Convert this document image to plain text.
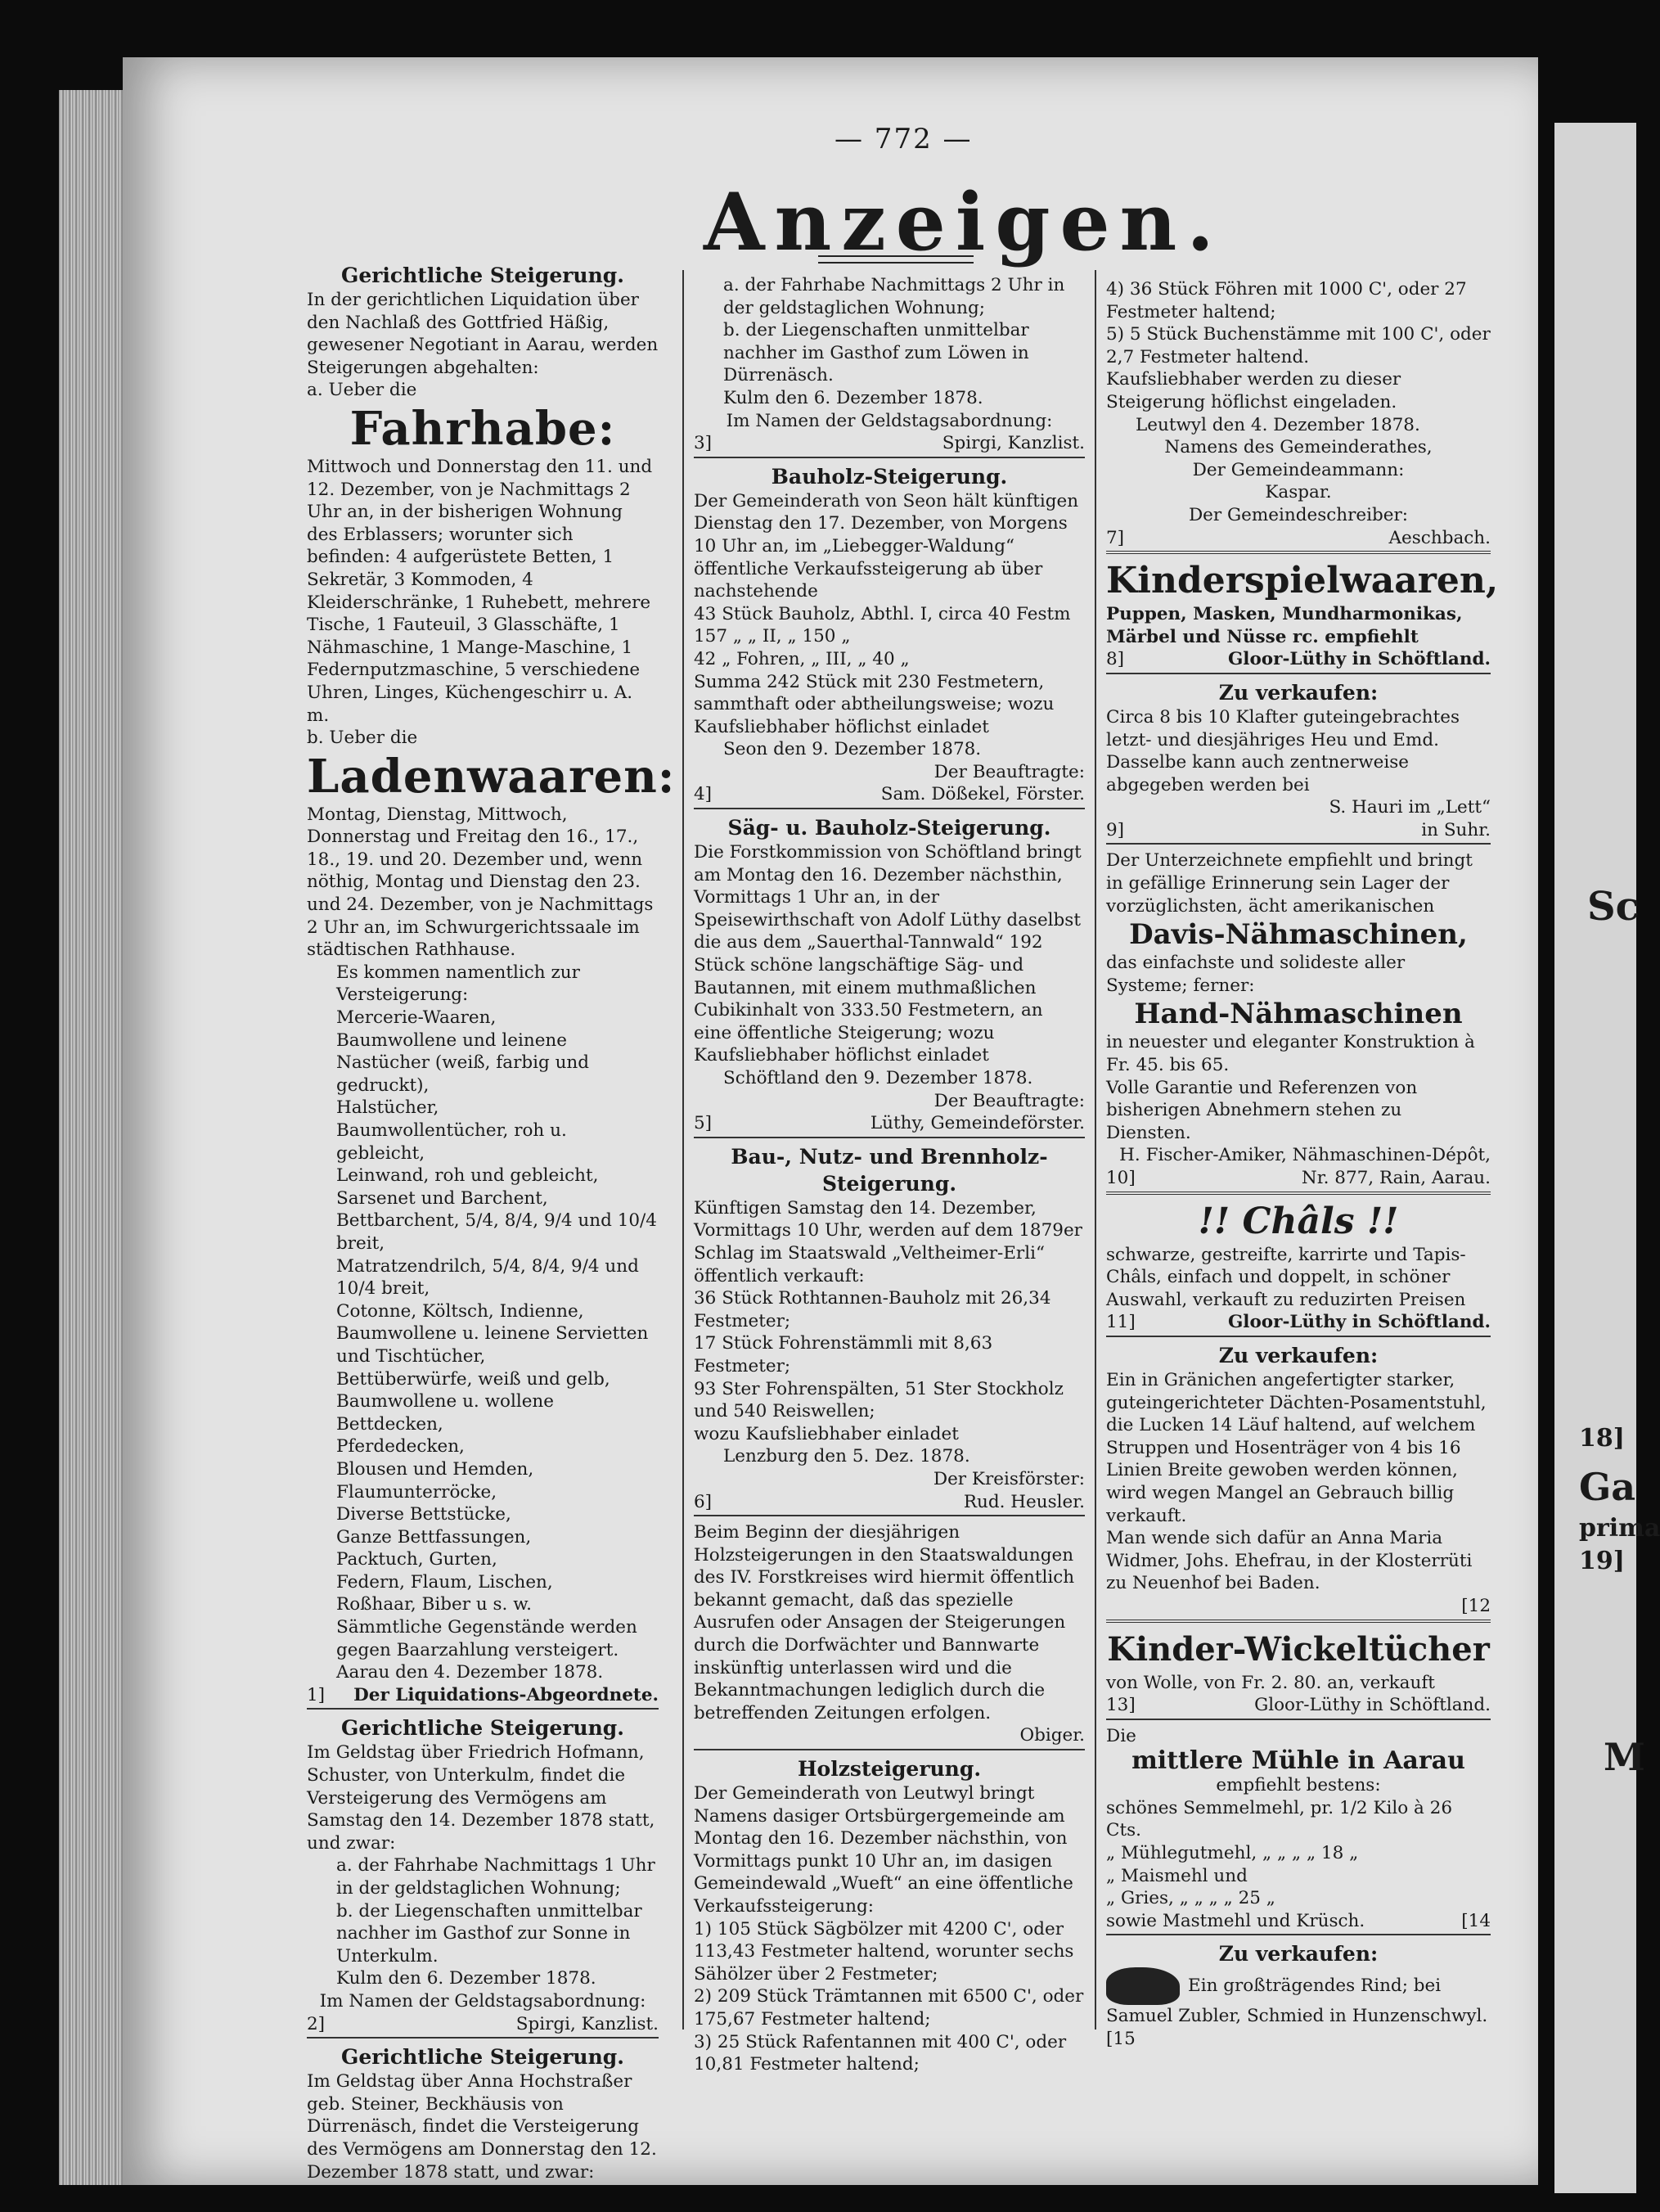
— 772 —
Anzeigen.

Gerichtliche Steigerung.

In der gerichtlichen Liquidation über den Nachlaß des Gottfried Häßig, gewesener Negotiant in Aarau, werden Steigerungen abgehalten:

a. Ueber die

Fahrhabe:

Mittwoch und Donnerstag den 11. und 12. Dezember, von je Nachmittags 2 Uhr an, in der bisherigen Wohnung des Erblassers; worunter sich befinden: 4 aufgerüstete Betten, 1 Sekretär, 3 Kommoden, 4 Kleiderschränke, 1 Ruhebett, mehrere Tische, 1 Fauteuil, 3 Glasschäfte, 1 Nähmaschine, 1 Mange-Maschine, 1 Federnputzmaschine, 5 verschiedene Uhren, Linges, Küchengeschirr u. A. m.

b. Ueber die

Ladenwaaren:

Montag, Dienstag, Mittwoch, Donnerstag und Freitag den 16., 17., 18., 19. und 20. Dezember und, wenn nöthig, Montag und Dienstag den 23. und 24. Dezember, von je Nachmittags 2 Uhr an, im Schwurgerichtssaale im städtischen Rathhause.

Es kommen namentlich zur Versteigerung:

Mercerie-Waaren,

Baumwollene und leinene Nastücher (weiß, farbig und gedruckt),

Halstücher,

Baumwollentücher, roh u. gebleicht,

Leinwand, roh und gebleicht,

Sarsenet und Barchent,

Bettbarchent, 5/4, 8/4, 9/4 und 10/4 breit,

Matratzendrilch, 5/4, 8/4, 9/4 und 10/4 breit,

Cotonne, Költsch, Indienne,

Baumwollene u. leinene Servietten und Tischtücher,

Bettüberwürfe, weiß und gelb,

Baumwollene u. wollene Bettdecken,

Pferdedecken,

Blousen und Hemden,

Flaumunterröcke,

Diverse Bettstücke,

Ganze Bettfassungen,

Packtuch, Gurten,

Federn, Flaum, Lischen,

Roßhaar, Biber u s. w.

Sämmtliche Gegenstände werden gegen Baarzahlung versteigert.

Aarau den 4. Dezember 1878.

1] Der Liquidations-Abgeordnete.

Gerichtliche Steigerung.

Im Geldstag über Friedrich Hofmann, Schuster, von Unterkulm, findet die Versteigerung des Vermögens am Samstag den 14. Dezember 1878 statt, und zwar:

a. der Fahrhabe Nachmittags 1 Uhr in der geldstaglichen Wohnung;

b. der Liegenschaften unmittelbar nachher im Gasthof zur Sonne in Unterkulm.

Kulm den 6. Dezember 1878.

Im Namen der Geldstagsabordnung:

2]	Spirgi, Kanzlist.

Gerichtliche Steigerung.

Im Geldstag über Anna Hochstraßer geb. Steiner, Beckhäusis von Dürrenäsch, findet die Versteigerung des Vermögens am Donnerstag den 12. Dezember 1878 statt, und zwar:

a. der Fahrhabe Nachmittags 2 Uhr in der geldstaglichen Wohnung;

b. der Liegenschaften unmittelbar nachher im Gasthof zum Löwen in Dürrenäsch.

Kulm den 6. Dezember 1878.

Im Namen der Geldstagsabordnung:

3]	Spirgi, Kanzlist.

Bauholz-Steigerung.

Der Gemeinderath von Seon hält künftigen Dienstag den 17. Dezember, von Morgens 10 Uhr an, im „Liebegger-Waldung“ öffentliche Verkaufssteigerung ab über nachstehende

43 Stück Bauholz, Abthl. I, circa 40 Festm

157 „ „ II, „ 150 „

42 „ Fohren, „ III, „ 40 „

Summa 242 Stück mit 230 Festmetern,

sammthaft oder abtheilungsweise; wozu Kaufsliebhaber höflichst einladet

Seon den 9. Dezember 1878.

Der Beauftragte:

4]	Sam. Dößekel, Förster.

Säg- u. Bauholz-Steigerung.

Die Forstkommission von Schöftland bringt am Montag den 16. Dezember nächsthin, Vormittags 1 Uhr an, in der Speisewirthschaft von Adolf Lüthy daselbst die aus dem „Sauerthal-Tannwald“ 192 Stück schöne langschäftige Säg- und Bautannen, mit einem muthmaßlichen Cubikinhalt von 333.50 Festmetern, an eine öffentliche Steigerung; wozu Kaufsliebhaber höflichst einladet

Schöftland den 9. Dezember 1878.

Der Beauftragte:

5]	Lüthy, Gemeindeförster.

Bau-, Nutz- und Brennholz-

Steigerung.

Künftigen Samstag den 14. Dezember, Vormittags 10 Uhr, werden auf dem 1879er Schlag im Staatswald „Veltheimer-Erli“ öffentlich verkauft:

36 Stück Rothtannen-Bauholz mit 26,34 Festmeter;

17 Stück Fohrenstämmli mit 8,63 Festmeter;

93 Ster Fohrenspälten, 51 Ster Stockholz und 540 Reiswellen;

wozu Kaufsliebhaber einladet

Lenzburg den 5. Dez. 1878.

Der Kreisförster:

6]	Rud. Heusler.

Beim Beginn der diesjährigen Holzsteigerungen in den Staatswaldungen des IV. Forstkreises wird hiermit öffentlich bekannt gemacht, daß das spezielle Ausrufen oder Ansagen der Steigerungen durch die Dorfwächter und Bannwarte inskünftig unterlassen wird und die Bekanntmachungen lediglich durch die betreffenden Zeitungen erfolgen.

Obiger.

Holzsteigerung.

Der Gemeinderath von Leutwyl bringt Namens dasiger Ortsbürgergemeinde am Montag den 16. Dezember nächsthin, von Vormittags punkt 10 Uhr an, im dasigen Gemeindewald „Wueft“ an eine öffentliche Verkaufssteigerung:

1) 105 Stück Sägbölzer mit 4200 C', oder 113,43 Festmeter haltend, worunter sechs Sähölzer über 2 Festmeter;

2) 209 Stück Trämtannen mit 6500 C', oder 175,67 Festmeter haltend;

3) 25 Stück Rafentannen mit 400 C', oder 10,81 Festmeter haltend;

4) 36 Stück Föhren mit 1000 C', oder 27 Festmeter haltend;

5) 5 Stück Buchenstämme mit 100 C', oder 2,7 Festmeter haltend.

Kaufsliebhaber werden zu dieser Steigerung höflichst eingeladen.

Leutwyl den 4. Dezember 1878.

Namens des Gemeinderathes,

Der Gemeindeammann:

Kaspar.

Der Gemeindeschreiber:

7]	Aeschbach.

Kinderspielwaaren,

Puppen, Masken, Mundharmonikas, Märbel und Nüsse rc. empfiehlt

8]	Gloor-Lüthy in Schöftland.

Zu verkaufen:

Circa 8 bis 10 Klafter guteingebrachtes letzt- und diesjähriges Heu und Emd. Dasselbe kann auch zentnerweise abgegeben werden bei

S. Hauri im „Lett“

9]	in Suhr.

Der Unterzeichnete empfiehlt und bringt in gefällige Erinnerung sein Lager der vorzüglichsten, ächt amerikanischen

Davis-Nähmaschinen,

das einfachste und solideste aller Systeme; ferner:

Hand-Nähmaschinen

in neuester und eleganter Konstruktion à Fr. 45. bis 65.

Volle Garantie und Referenzen von bisherigen Abnehmern stehen zu Diensten.

H. Fischer-Amiker, Nähmaschinen-Dépôt,

10]	Nr. 877, Rain, Aarau.

!! Châls !!

schwarze, gestreifte, karrirte und Tapis-Châls, einfach und doppelt, in schöner Auswahl, verkauft zu reduzirten Preisen

11]	Gloor-Lüthy in Schöftland.

Zu verkaufen:

Ein in Gränichen angefertigter starker, guteingerichteter Dächten-Posamentstuhl, die Lucken 14 Läuf haltend, auf welchem Struppen und Hosenträger von 4 bis 16 Linien Breite gewoben werden können, wird wegen Mangel an Gebrauch billig verkauft.

Man wende sich dafür an Anna Maria Widmer, Johs. Ehefrau, in der Klosterrüti zu Neuenhof bei Baden.

[12

Kinder-Wickeltücher

von Wolle, von Fr. 2. 80. an, verkauft

13]	Gloor-Lüthy in Schöftland.

Die

mittlere Mühle in Aarau

empfiehlt bestens:

schönes Semmelmehl, pr. 1/2 Kilo à 26 Cts.

„ Mühlegutmehl, „ „ „ „ 18 „

„ Maismehl und

„ Gries, „ „ „ „ 25 „

sowie Mastmehl und Krüsch.	[14

Zu verkaufen:

Ein großträgendes Rind; bei Samuel Zubler, Schmied in Hunzenschwyl. [15

Sc
18]
Ga
prima
19]
M
